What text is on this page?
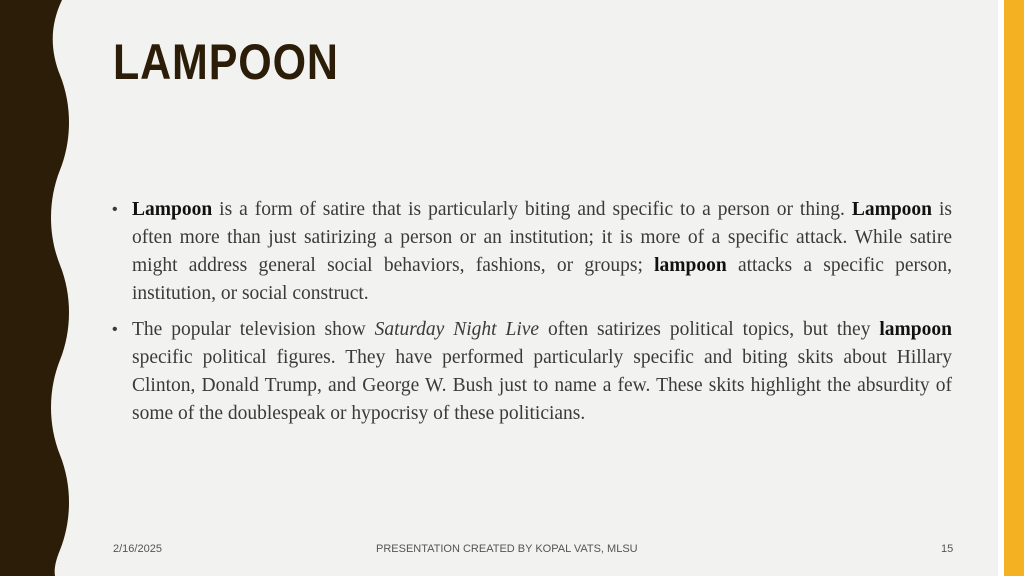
LAMPOON
• Lampoon is a form of satire that is particularly biting and specific to a person or thing. Lampoon is often more than just satirizing a person or an institution; it is more of a specific attack. While satire might address general social behaviors, fashions, or groups; lampoon attacks a specific person, institution, or social construct.
• The popular television show Saturday Night Live often satirizes political topics, but they lampoon specific political figures. They have performed particularly specific and biting skits about Hillary Clinton, Donald Trump, and George W. Bush just to name a few. These skits highlight the absurdity of some of the doublespeak or hypocrisy of these politicians.
2/16/2025	PRESENTATION CREATED BY KOPAL VATS, MLSU	15
